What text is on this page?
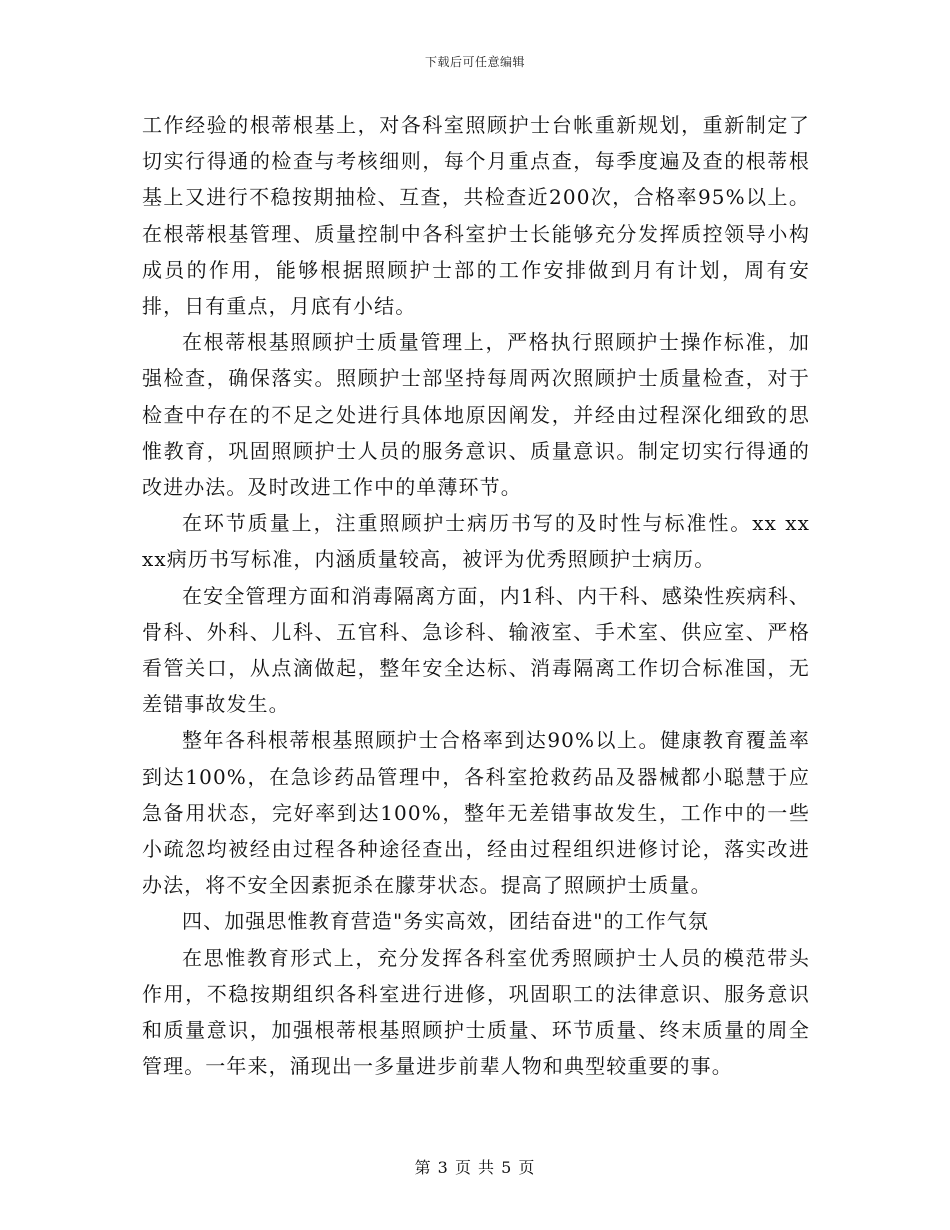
下载后可任意编辑

工作经验的根蒂根基上，对各科室照顾护士台帐重新规划，重新制定了切实行得通的检查与考核细则，每个月重点查，每季度遍及查的根蒂根基上又进行不稳按期抽检、互查，共检查近200次，合格率95%以上。在根蒂根基管理、质量控制中各科室护士长能够充分发挥质控领导小构成员的作用，能够根据照顾护士部的工作安排做到月有计划，周有安排，日有重点，月底有小结。

在根蒂根基照顾护士质量管理上，严格执行照顾护士操作标准，加强检查，确保落实。照顾护士部坚持每周两次照顾护士质量检查，对于检查中存在的不足之处进行具体地原因阐发，并经由过程深化细致的思惟教育，巩固照顾护士人员的服务意识、质量意识。制定切实行得通的改进办法。及时改进工作中的单薄环节。

在环节质量上，注重照顾护士病历书写的及时性与标准性。xx xx xx病历书写标准，内涵质量较高，被评为优秀照顾护士病历。

在安全管理方面和消毒隔离方面，内1科、内干科、感染性疾病科、骨科、外科、儿科、五官科、急诊科、输液室、手术室、供应室、严格看管关口，从点滴做起，整年安全达标、消毒隔离工作切合标准国，无差错事故发生。

整年各科根蒂根基照顾护士合格率到达90%以上。健康教育覆盖率到达100%，在急诊药品管理中，各科室抢救药品及器械都小聪慧于应急备用状态，完好率到达100%，整年无差错事故发生，工作中的一些小疏忽均被经由过程各种途径查出，经由过程组织进修讨论，落实改进办法，将不安全因素扼杀在朦芽状态。提高了照顾护士质量。

四、加强思惟教育营造"务实高效，团结奋进"的工作气氛

在思惟教育形式上，充分发挥各科室优秀照顾护士人员的模范带头作用，不稳按期组织各科室进行进修，巩固职工的法律意识、服务意识和质量意识，加强根蒂根基照顾护士质量、环节质量、终末质量的周全管理。一年来，涌现出一多量进步前辈人物和典型较重要的事。

第 3 页 共 5 页
